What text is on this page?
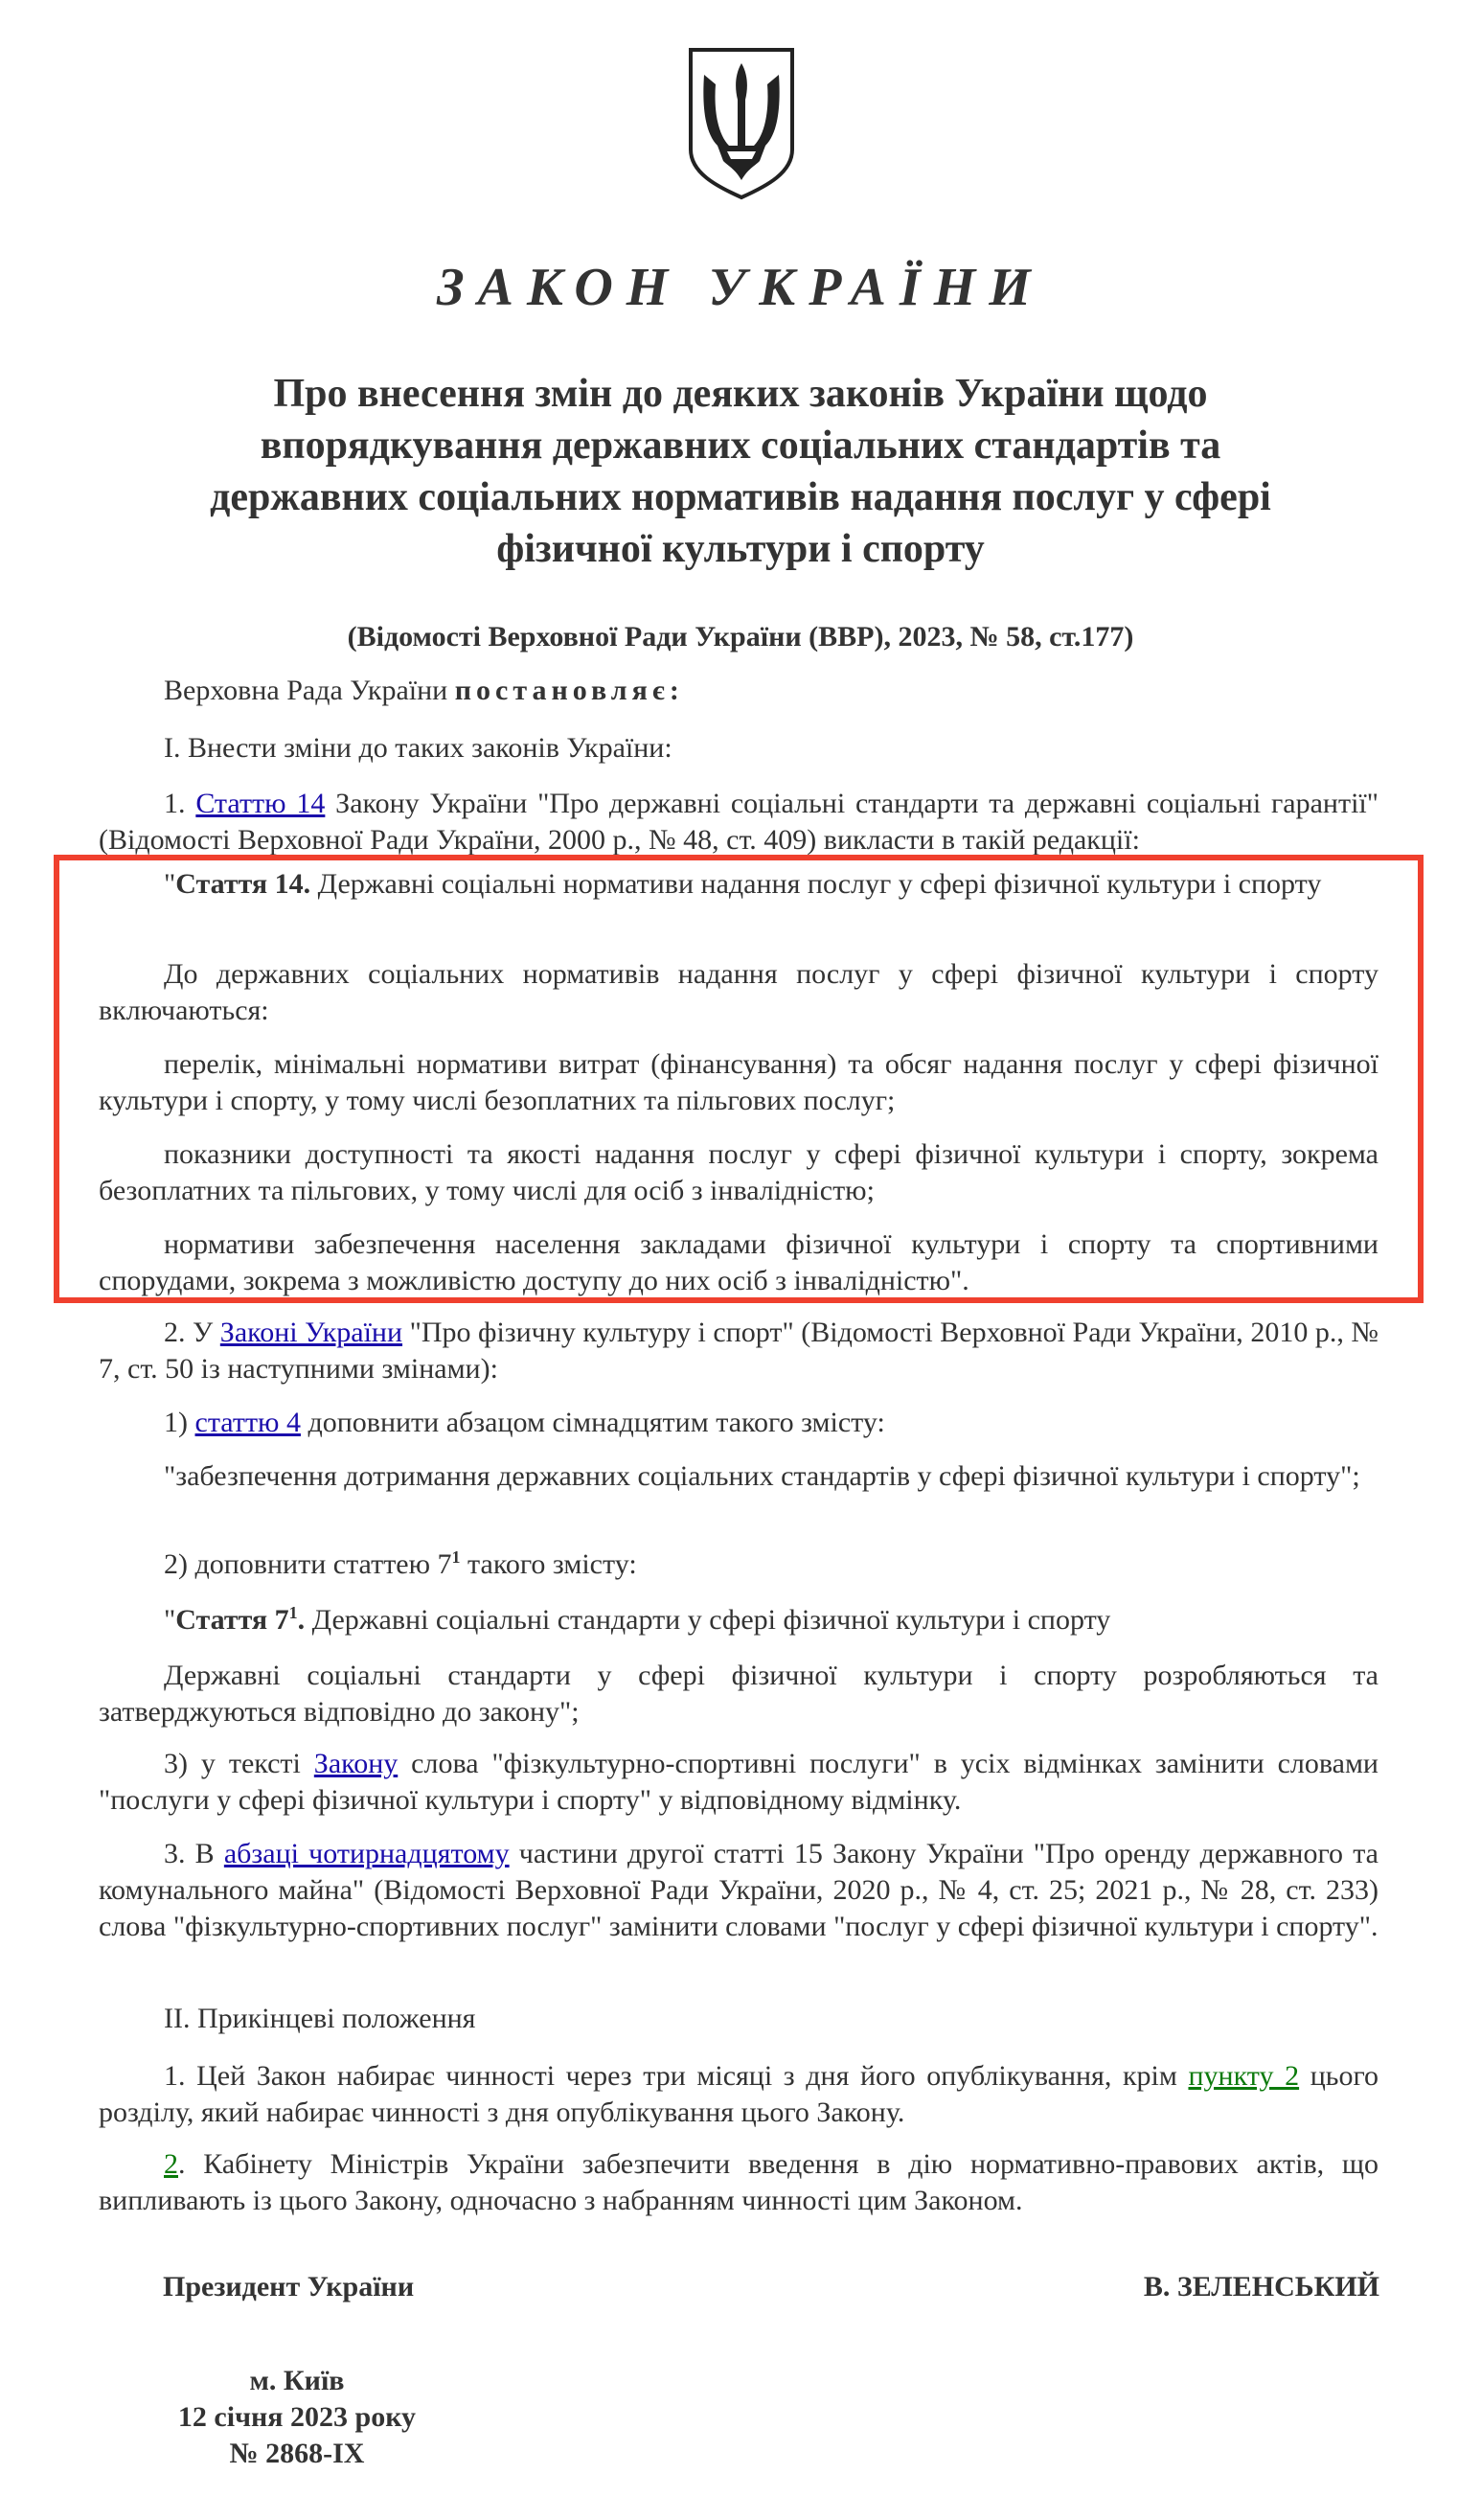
ЗАКОН УКРАЇНИ
Про внесення змін до деяких законів України щодо
впорядкування державних соціальних стандартів та
державних соціальних нормативів надання послуг у сфері
фізичної культури і спорту
(Відомості Верховної Ради України (ВВР), 2023, № 58, ст.177)
Верховна Рада України постановляє:
І. Внести зміни до таких законів України:
1. Статтю 14 Закону України "Про державні соціальні стандарти та державні соціальні гарантії" (Відомості Верховної Ради України, 2000 р., № 48, ст. 409) викласти в такій редакції:
"Стаття 14. Державні соціальні нормативи надання послуг у сфері фізичної культури і спорту
До державних соціальних нормативів надання послуг у сфері фізичної культури і спорту включаються:
перелік, мінімальні нормативи витрат (фінансування) та обсяг надання послуг у сфері фізичної культури і спорту, у тому числі безоплатних та пільгових послуг;
показники доступності та якості надання послуг у сфері фізичної культури і спорту, зокрема безоплатних та пільгових, у тому числі для осіб з інвалідністю;
нормативи забезпечення населення закладами фізичної культури і спорту та спортивними спорудами, зокрема з можливістю доступу до них осіб з інвалідністю".
2. У Законі України "Про фізичну культуру і спорт" (Відомості Верховної Ради України, 2010 р., № 7, ст. 50 із наступними змінами):
1) статтю 4 доповнити абзацом сімнадцятим такого змісту:
"забезпечення дотримання державних соціальних стандартів у сфері фізичної культури і спорту";
2) доповнити статтею $7^1$ такого змісту:
"Стаття $7^1$. Державні соціальні стандарти у сфері фізичної культури і спорту
Державні соціальні стандарти у сфері фізичної культури і спорту розробляються та затверджуються відповідно до закону";
3) у тексті Закону слова "фізкультурно-спортивні послуги" в усіх відмінках замінити словами "послуги у сфері фізичної культури і спорту" у відповідному відмінку.
3. В абзаці чотирнадцятому частини другої статті 15 Закону України "Про оренду державного та комунального майна" (Відомості Верховної Ради України, 2020 р., № 4, ст. 25; 2021 р., № 28, ст. 233) слова "фізкультурно-спортивних послуг" замінити словами "послуг у сфері фізичної культури і спорту".
ІІ. Прикінцеві положення
1. Цей Закон набирає чинності через три місяці з дня його опублікування, крім пункту 2 цього розділу, який набирає чинності з дня опублікування цього Закону.
2. Кабінету Міністрів України забезпечити введення в дію нормативно-правових актів, що випливають із цього Закону, одночасно з набранням чинності цим Законом.
Президент України	В. ЗЕЛЕНСЬКИЙ
м. Київ
12 січня 2023 року
№ 2868-IX
